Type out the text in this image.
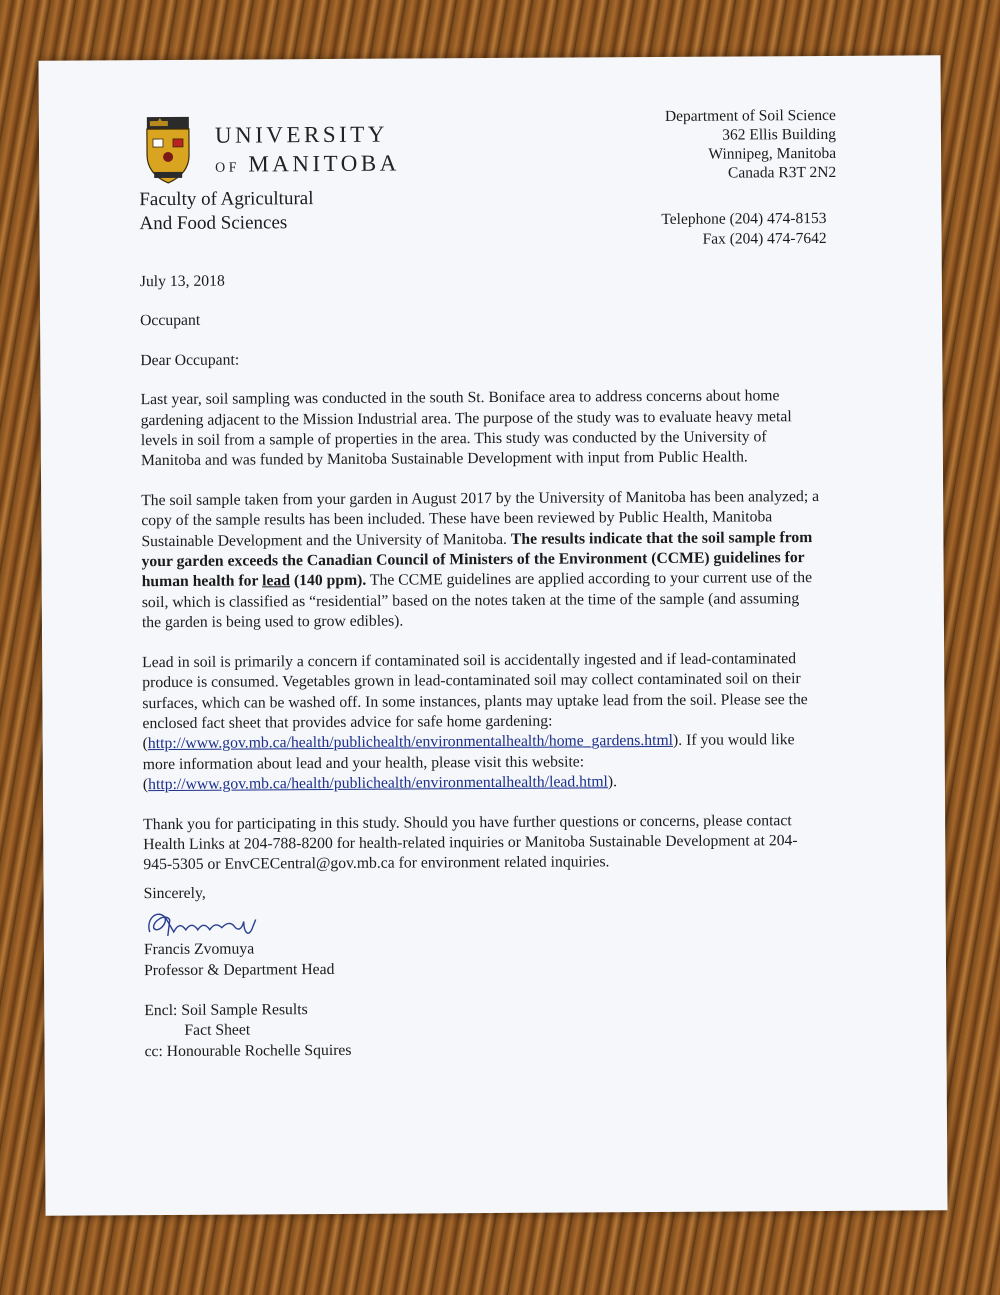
UNIVERSITY
OF MANITOBA
Faculty of Agricultural
And Food Sciences
Department of Soil Science
362 Ellis Building
Winnipeg, Manitoba
Canada R3T 2N2
Telephone (204) 474-8153
Fax (204) 474-7642

July 13, 2018

Occupant

Dear Occupant:

Last year, soil sampling was conducted in the south St. Boniface area to address concerns about home gardening adjacent to the Mission Industrial area. The purpose of the study was to evaluate heavy metal levels in soil from a sample of properties in the area. This study was conducted by the University of Manitoba and was funded by Manitoba Sustainable Development with input from Public Health.

The soil sample taken from your garden in August 2017 by the University of Manitoba has been analyzed; a copy of the sample results has been included. These have been reviewed by Public Health, Manitoba Sustainable Development and the University of Manitoba. The results indicate that the soil sample from your garden exceeds the Canadian Council of Ministers of the Environment (CCME) guidelines for human health for lead (140 ppm). The CCME guidelines are applied according to your current use of the soil, which is classified as “residential” based on the notes taken at the time of the sample (and assuming the garden is being used to grow edibles).

Lead in soil is primarily a concern if contaminated soil is accidentally ingested and if lead-contaminated produce is consumed. Vegetables grown in lead-contaminated soil may collect contaminated soil on their surfaces, which can be washed off. In some instances, plants may uptake lead from the soil. Please see the enclosed fact sheet that provides advice for safe home gardening:
(http://www.gov.mb.ca/health/publichealth/environmentalhealth/home_gardens.html). If you would like more information about lead and your health, please visit this website:
(http://www.gov.mb.ca/health/publichealth/environmentalhealth/lead.html).

Thank you for participating in this study. Should you have further questions or concerns, please contact Health Links at 204-788-8200 for health-related inquiries or Manitoba Sustainable Development at 204-945-5305 or EnvCECentral@gov.mb.ca for environment related inquiries.

Sincerely,
Francis Zvomuya
Professor & Department Head
Encl: Soil Sample Results
Fact Sheet
cc: Honourable Rochelle Squires
